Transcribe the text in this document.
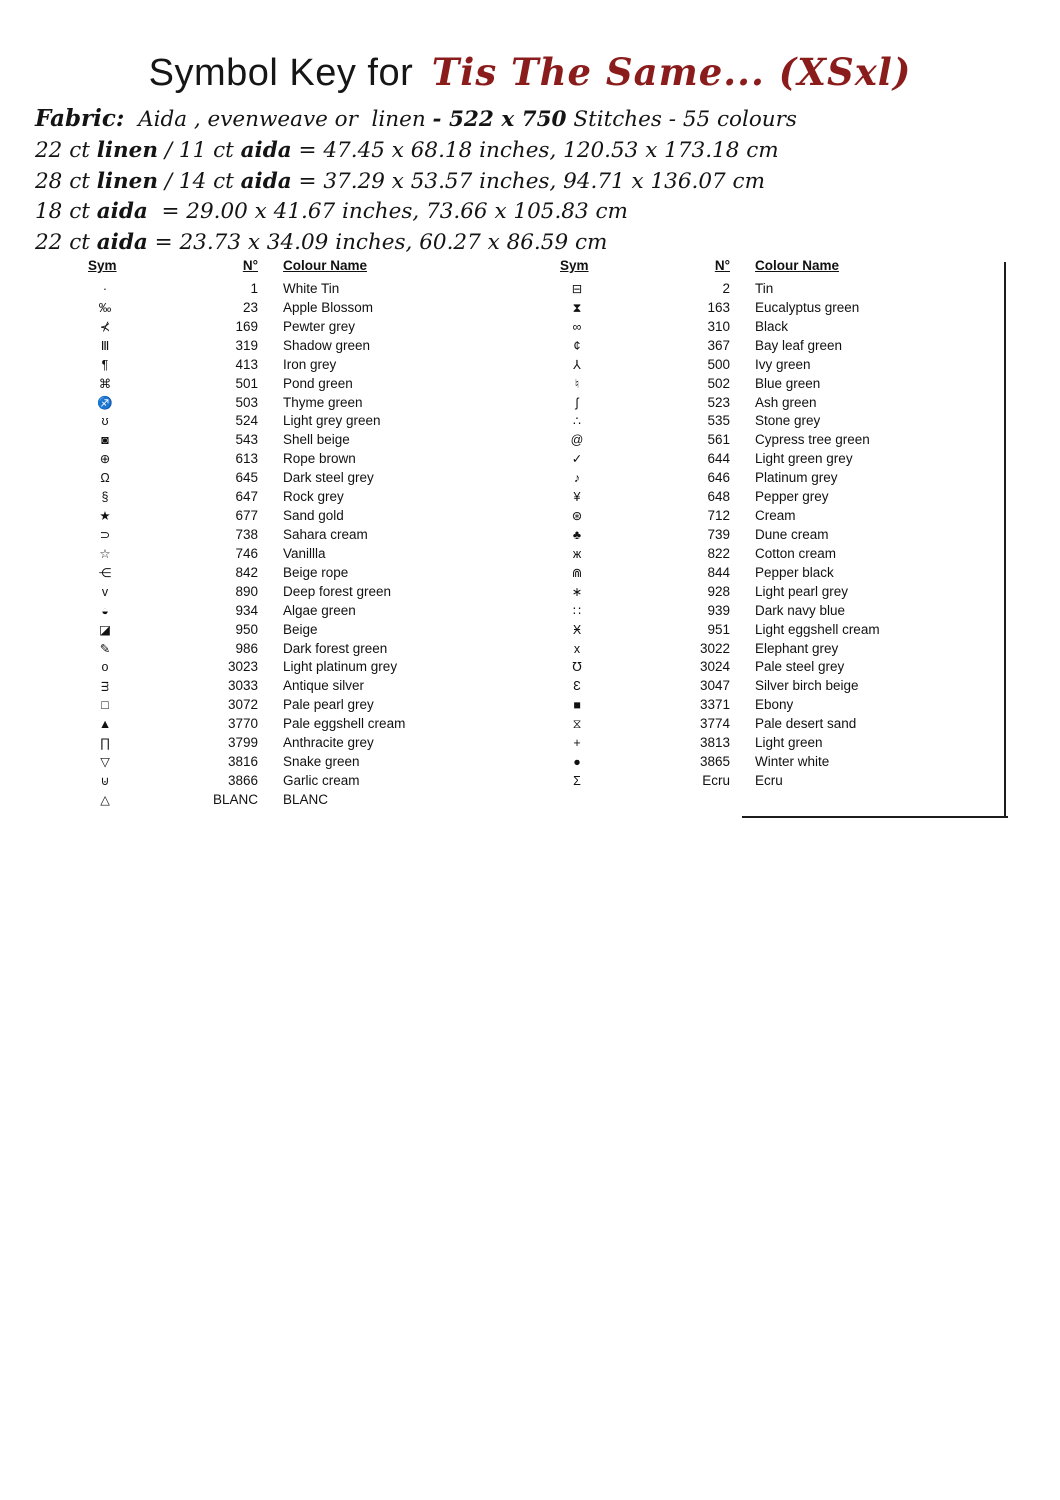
Symbol Key for Tis The Same... (XSxl)

Fabric:  Aida , evenweave or  linen - 522 x 750 Stitches - 55 colours

22 ct linen / 11 ct aida = 47.45 x 68.18 inches, 120.53 x 173.18 cm

28 ct linen / 14 ct aida = 37.29 x 53.57 inches, 94.71 x 136.07 cm

18 ct aida  = 29.00 x 41.67 inches, 73.66 x 105.83 cm

22 ct aida = 23.73 x 34.09 inches, 60.27 x 86.59 cm

Sym	N°	Colour Name
·	1	White Tin
‰	23	Apple Blossom
⊀	169	Pewter grey
Ⅲ	319	Shadow green
¶	413	Iron grey
⌘	501	Pond green
♐	503	Thyme green
ʊ	524	Light grey green
◙	543	Shell beige
⊕	613	Rope brown
Ω	645	Dark steel grey
§	647	Rock grey
★	677	Sand gold
⊃	738	Sahara cream
☆	746	Vanillla
⋲	842	Beige rope
ᴠ	890	Deep forest green
◒	934	Algae green
◪	950	Beige
✎	986	Dark forest green
o	3023	Light platinum grey
ᴟ	3033	Antique silver
□	3072	Pale pearl grey
▲	3770	Pale eggshell cream
∏	3799	Anthracite grey
▽	3816	Snake green
⊍	3866	Garlic cream
△	BLANC	BLANC
Sym	N°	Colour Name
⊟	2	Tin
⧗	163	Eucalyptus green
∞	310	Black
¢	367	Bay leaf green
⅄	500	Ivy green
♮	502	Blue green
ʃ	523	Ash green
∴	535	Stone grey
@	561	Cypress tree green
✓	644	Light green grey
♪	646	Platinum grey
¥	648	Pepper grey
⊛	712	Cream
♣	739	Dune cream
ж	822	Cotton cream
⋒	844	Pepper black
∗	928	Light pearl grey
∷	939	Dark navy blue
Ӿ	951	Light eggshell cream
x	3022	Elephant grey
℧	3024	Pale steel grey
Ɛ	3047	Silver birch beige
■	3371	Ebony
⧖	3774	Pale desert sand
+	3813	Light green
●	3865	Winter white
Σ	Ecru	Ecru
